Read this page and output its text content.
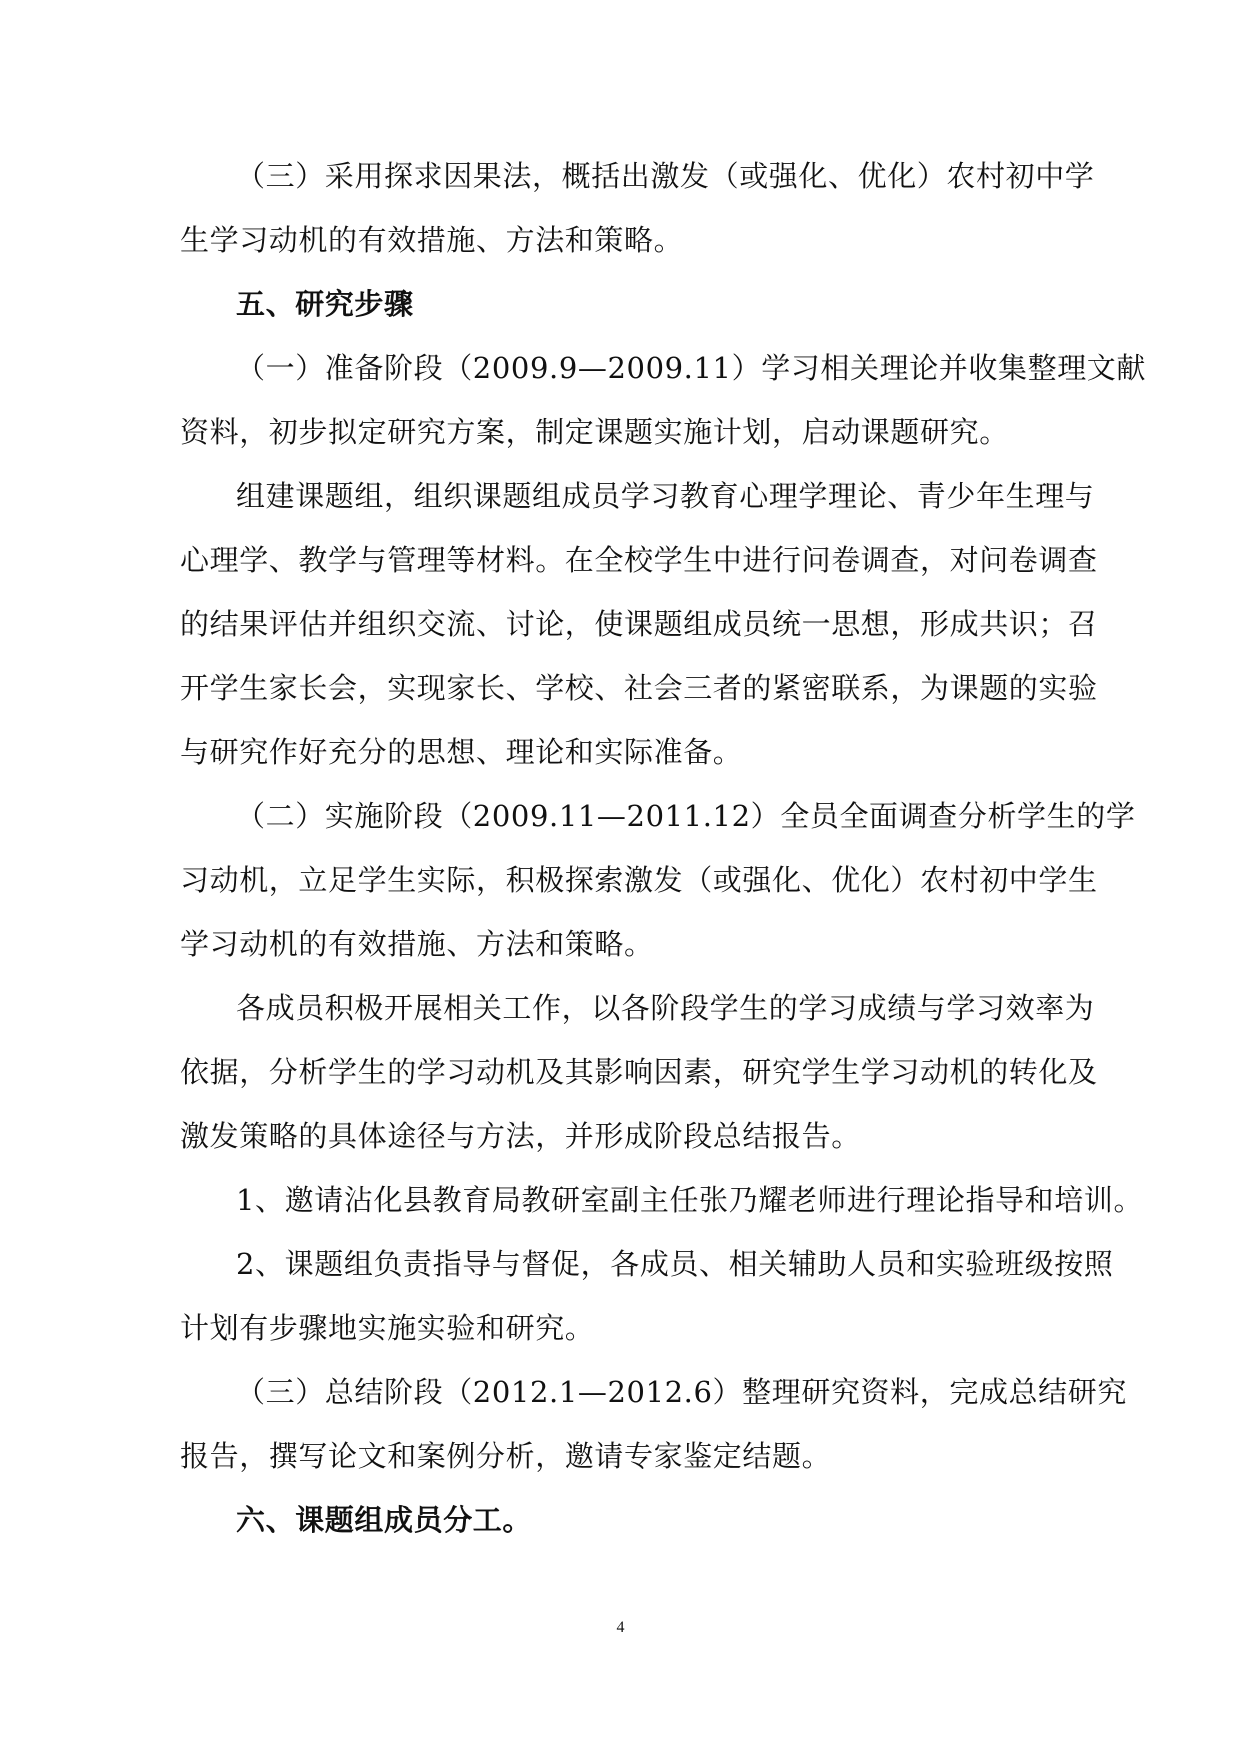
（三）采用探求因果法，概括出激发（或强化、优化）农村初中学
生学习动机的有效措施、方法和策略。
五、研究步骤
（一）准备阶段（2009.9—2009.11）学习相关理论并收集整理文献
资料，初步拟定研究方案，制定课题实施计划，启动课题研究。
组建课题组，组织课题组成员学习教育心理学理论、青少年生理与
心理学、教学与管理等材料。在全校学生中进行问卷调查，对问卷调查
的结果评估并组织交流、讨论，使课题组成员统一思想，形成共识；召
开学生家长会，实现家长、学校、社会三者的紧密联系，为课题的实验
与研究作好充分的思想、理论和实际准备。
（二）实施阶段（2009.11—2011.12）全员全面调查分析学生的学
习动机，立足学生实际，积极探索激发（或强化、优化）农村初中学生
学习动机的有效措施、方法和策略。
各成员积极开展相关工作，以各阶段学生的学习成绩与学习效率为
依据，分析学生的学习动机及其影响因素，研究学生学习动机的转化及
激发策略的具体途径与方法，并形成阶段总结报告。
1、邀请沾化县教育局教研室副主任张乃耀老师进行理论指导和培训。
2、课题组负责指导与督促，各成员、相关辅助人员和实验班级按照
计划有步骤地实施实验和研究。
（三）总结阶段（2012.1—2012.6）整理研究资料，完成总结研究
报告，撰写论文和案例分析，邀请专家鉴定结题。
六、课题组成员分工。
4
